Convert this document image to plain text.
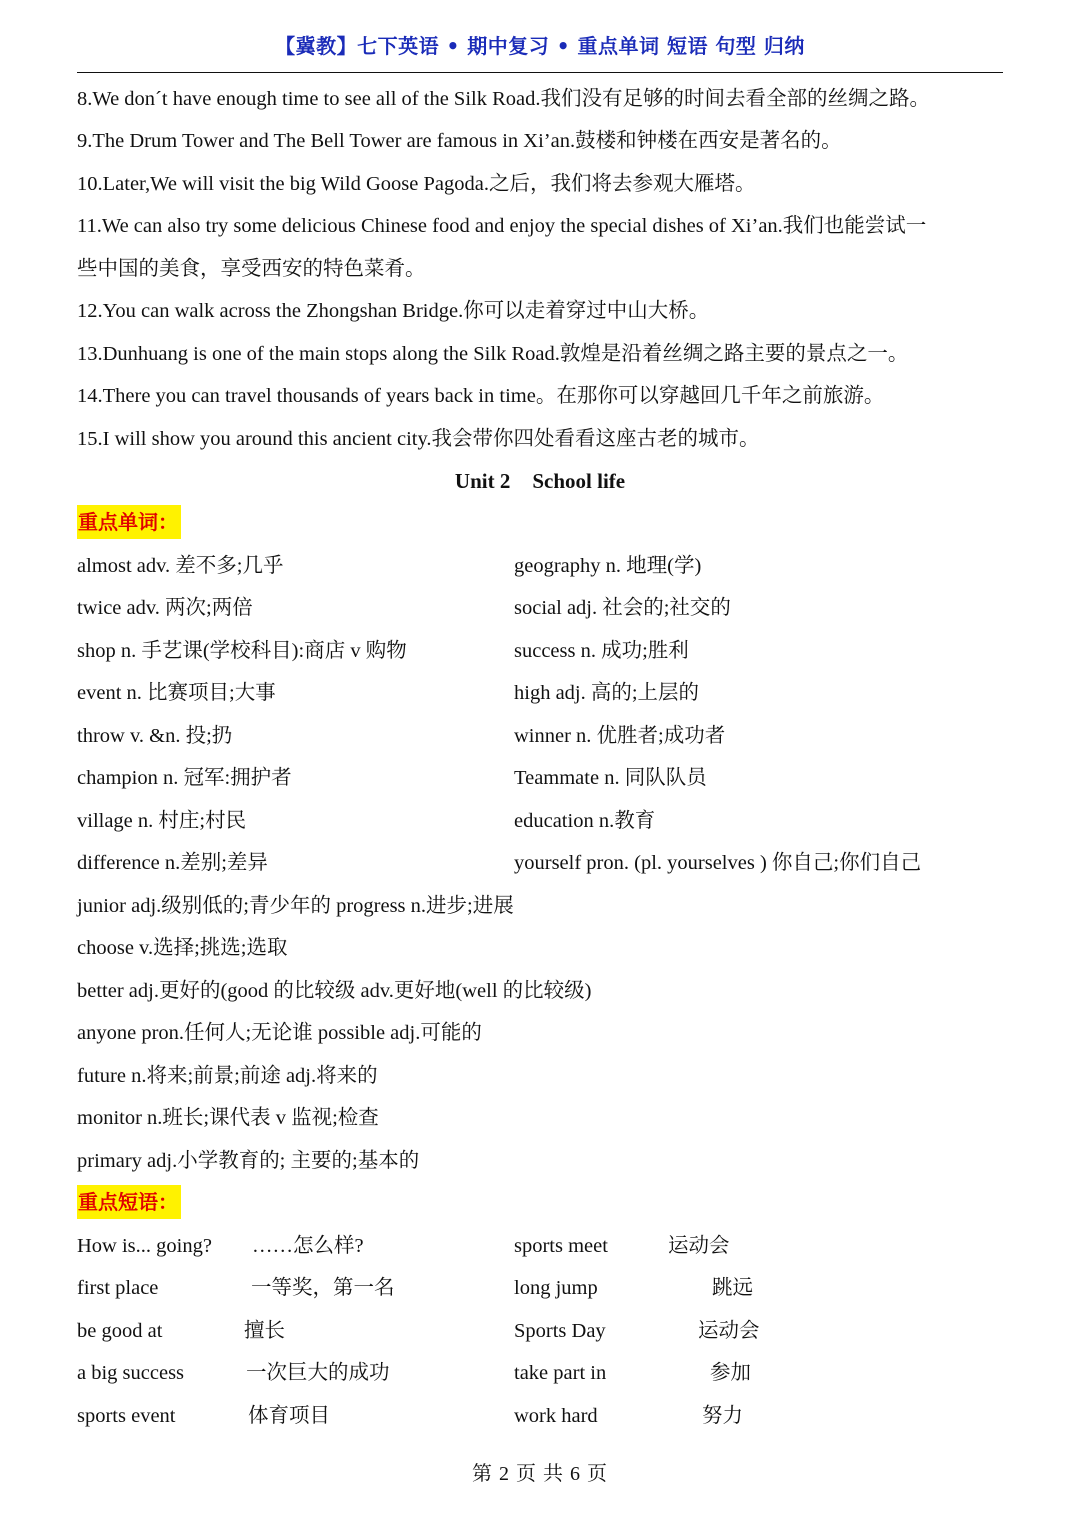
【冀教】七下英语 • 期中复习 • 重点单词 短语 句型 归纳
8.We don´t have enough time to see all of the Silk Road.我们没有足够的时间去看全部的丝绸之路。
9.The Drum Tower and The Bell Tower are famous in Xi’an.鼓楼和钟楼在西安是著名的。
10.Later,We will visit the big Wild Goose Pagoda.之后，我们将去参观大雁塔。
11.We can also try some delicious Chinese food and enjoy the special dishes of Xi’an.我们也能尝试一
些中国的美食，享受西安的特色菜肴。
12.You can walk across the Zhongshan Bridge.你可以走着穿过中山大桥。
13.Dunhuang is one of the main stops along the Silk Road.敦煌是沿着丝绸之路主要的景点之一。
14.There you can travel thousands of years back in time。在那你可以穿越回几千年之前旅游。
15.I will show you around this ancient city.我会带你四处看看这座古老的城市。
Unit 2 School life
重点单词：
almost adv. 差不多;几乎	geography n. 地理(学)
twice adv. 两次;两倍	social adj. 社会的;社交的
shop n. 手艺课(学校科目):商店 v 购物	success n. 成功;胜利
event n. 比赛项目;大事	high adj. 高的;上层的
throw v. &n. 投;扔	winner n. 优胜者;成功者
champion n. 冠军:拥护者	Teammate n. 同队队员
village n. 村庄;村民	education n.教育
difference n.差别;差异	yourself pron. (pl. yourselves ) 你自己;你们自己
junior adj.级别低的;青少年的 progress n.进步;进展
choose v.选择;挑选;选取
better adj.更好的(good 的比较级 adv.更好地(well 的比较级)
anyone pron.任何人;无论谁 possible adj.可能的
future n.将来;前景;前途 adj.将来的
monitor n.班长;课代表 v 监视;检查
primary adj.小学教育的; 主要的;基本的
重点短语：
How is... going? ……怎么样?	sports meet	运动会
first place	一等奖，第一名	long jump	跳远
be good at	擅长	Sports Day	运动会
a big success	一次巨大的成功	take part in	参加
sports event	体育项目	work hard	努力
第 2 页 共 6 页
